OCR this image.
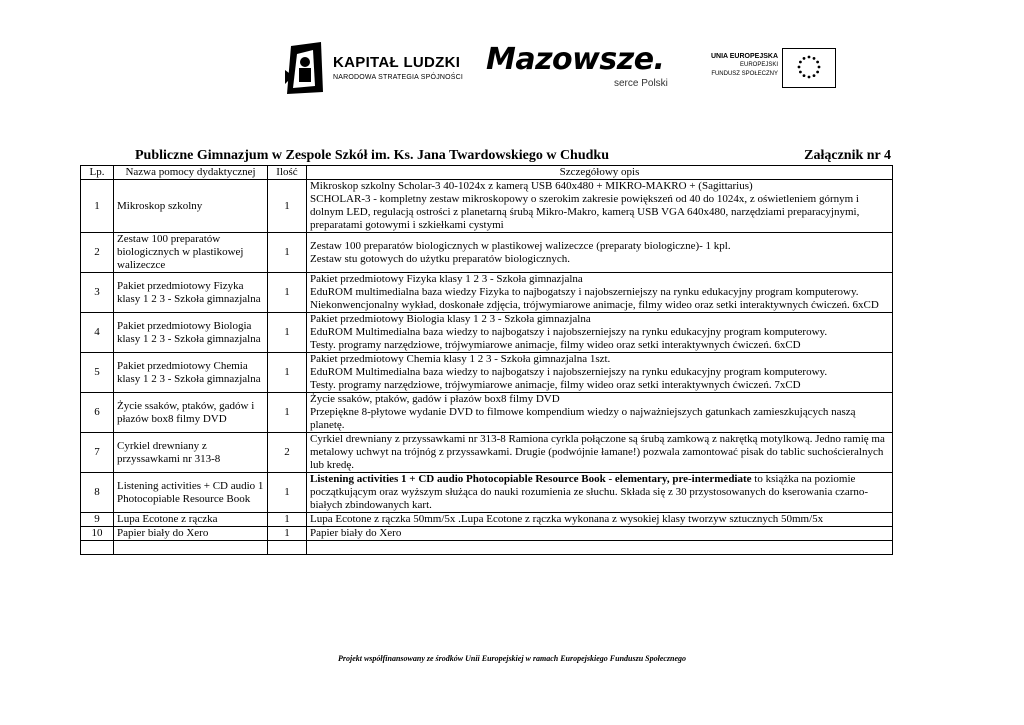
KAPITAŁ LUDZKI
NARODOWA STRATEGIA SPÓJNOŚCI
Mazowsze.
serce Polski
UNIA EUROPEJSKA
EUROPEJSKI
FUNDUSZ SPOŁECZNY
Publiczne Gimnazjum w Zespole Szkół im. Ks. Jana Twardowskiego w Chudku	Załącznik nr 4
Lp.	Nazwa pomocy dydaktycznej	Ilość	Szczegółowy opis
1	Mikroskop szkolny	1	Mikroskop szkolny Scholar-3 40-1024x z kamerą USB 640x480 + MIKRO-MAKRO + (Sagittarius)
SCHOLAR-3 - kompletny zestaw mikroskopowy o szerokim zakresie powiększeń od 40 do 1024x, z oświetleniem górnym i dolnym LED, regulacją ostrości z planetarną śrubą Mikro-Makro, kamerą USB VGA 640x480, narzędziami preparacyjnymi, preparatami gotowymi i szkiełkami cystymi

2	Zestaw 100 preparatów biologicznych w plastikowej walizeczce	1	Zestaw 100 preparatów biologicznych w plastikowej walizeczce (preparaty biologiczne)- 1 kpl.
Zestaw stu gotowych do użytku preparatów biologicznych.

3	Pakiet przedmiotowy Fizyka klasy 1 2 3 - Szkoła gimnazjalna	1	Pakiet przedmiotowy Fizyka klasy 1 2 3 - Szkoła gimnazjalna
EduROM multimedialna baza wiedzy Fizyka to najbogatszy i najobszerniejszy na rynku edukacyjny program komputerowy. Niekonwencjonalny wykład, doskonałe zdjęcia, trójwymiarowe animacje, filmy wideo oraz setki interaktywnych ćwiczeń. 6xCD

4	Pakiet przedmiotowy Biologia klasy 1 2 3 - Szkoła gimnazjalna	1	Pakiet przedmiotowy Biologia klasy 1 2 3 - Szkoła gimnazjalna
EduROM Multimedialna baza wiedzy to najbogatszy i najobszerniejszy na rynku edukacyjny program komputerowy.
Testy. programy narzędziowe, trójwymiarowe animacje, filmy wideo oraz setki interaktywnych ćwiczeń. 6xCD

5	Pakiet przedmiotowy Chemia klasy 1 2 3 - Szkoła gimnazjalna	1	Pakiet przedmiotowy Chemia klasy 1 2 3 - Szkoła gimnazjalna 1szt.
EduROM Multimedialna baza wiedzy to najbogatszy i najobszerniejszy na rynku edukacyjny program komputerowy.
Testy. programy narzędziowe, trójwymiarowe animacje, filmy wideo oraz setki interaktywnych ćwiczeń. 7xCD

6	Życie ssaków, ptaków, gadów i płazów box8 filmy DVD	1	Życie ssaków, ptaków, gadów i płazów box8 filmy DVD
Przepiękne 8-płytowe wydanie DVD to filmowe kompendium wiedzy o najważniejszych gatunkach zamieszkujących naszą planetę.

7	Cyrkiel drewniany z przyssawkami nr 313-8	2	Cyrkiel drewniany z przyssawkami nr 313-8 Ramiona cyrkla połączone są śrubą zamkową z nakrętką motylkową. Jedno ramię ma metalowy uchwyt na trójnóg z przyssawkami. Drugie (podwójnie łamane!) pozwala zamontować pisak do tablic suchościeralnych lub kredę.

8	Listening activities + CD audio 1 Photocopiable Resource Book	1	Listening activities 1 + CD audio Photocopiable Resource Book - elementary, pre-intermediate to książka na poziomie początkującym oraz wyższym służąca do nauki rozumienia ze słuchu. Składa się z 30 przystosowanych do kserowania czarno-białych zbindowanych kart.
9	Lupa Ecotone z rączka	1	Lupa Ecotone z rączka 50mm/5x .Lupa Ecotone z rączka wykonana z wysokiej klasy tworzyw sztucznych 50mm/5x

10	Papier biały do Xero	1	Papier biały do Xero

Projekt współfinansowany ze środków Unii Europejskiej w ramach Europejskiego Funduszu Społecznego
